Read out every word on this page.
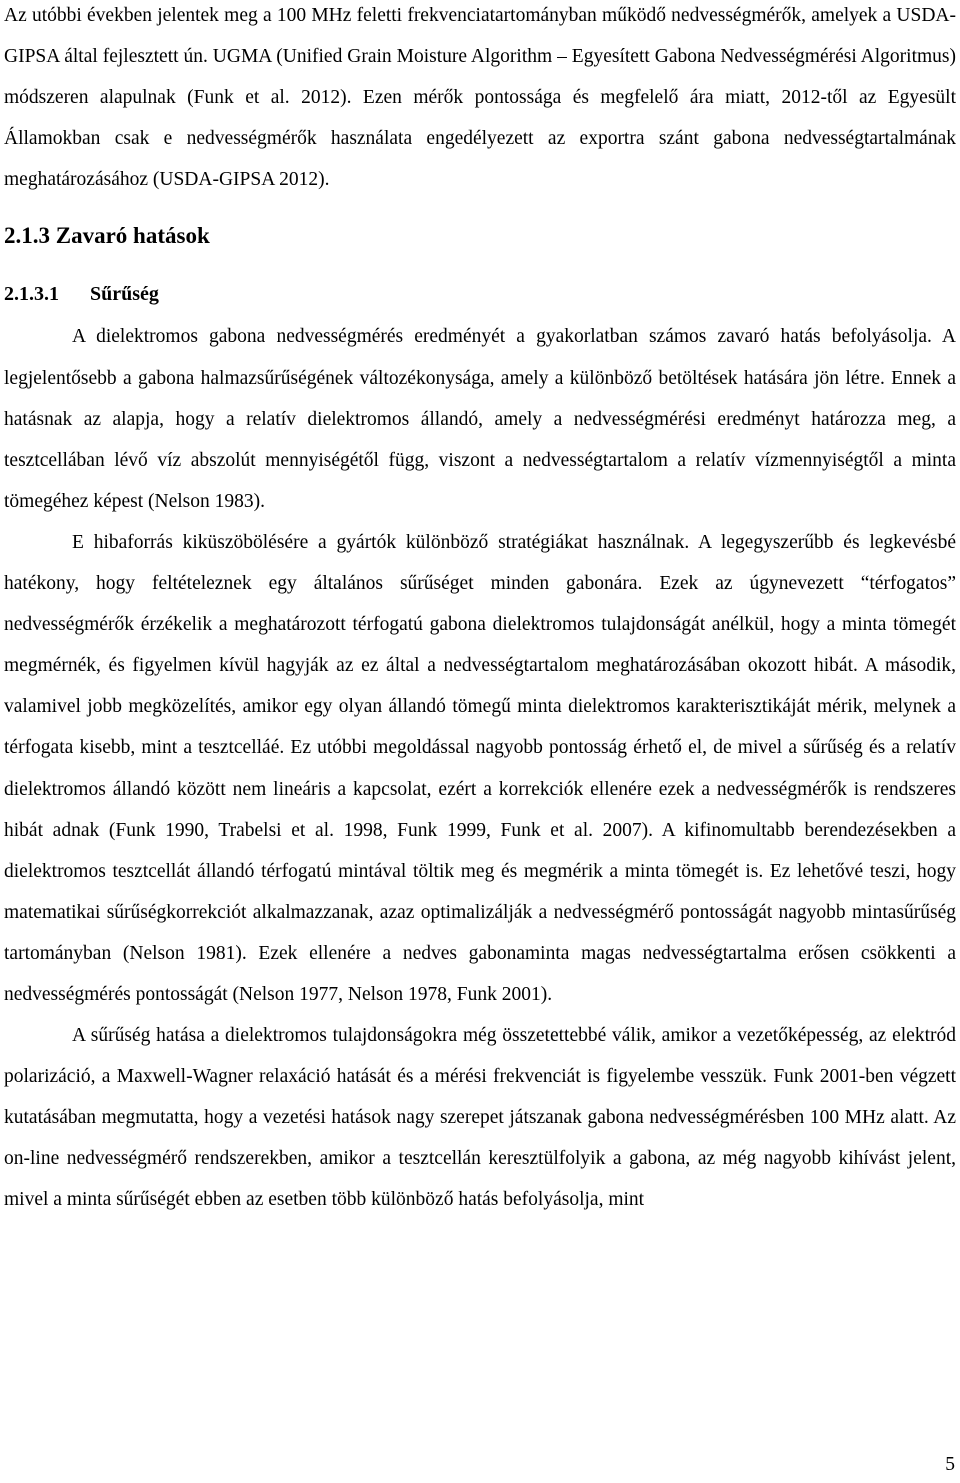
Az utóbbi években jelentek meg a 100 MHz feletti frekvenciatartományban működő nedvességmérők, amelyek a USDA-GIPSA által fejlesztett ún. UGMA (Unified Grain Moisture Algorithm – Egyesített Gabona Nedvességmérési Algoritmus) módszeren alapulnak (Funk et al. 2012). Ezen mérők pontossága és megfelelő ára miatt, 2012-től az Egyesült Államokban csak e nedvességmérők használata engedélyezett az exportra szánt gabona nedvességtartalmának meghatározásához (USDA-GIPSA 2012).

2.1.3 Zavaró hatások
2.1.3.1 Sűrűség

A dielektromos gabona nedvességmérés eredményét a gyakorlatban számos zavaró hatás befolyásolja. A legjelentősebb a gabona halmazsűrűségének változékonysága, amely a különböző betöltések hatására jön létre. Ennek a hatásnak az alapja, hogy a relatív dielektromos állandó, amely a nedvességmérési eredményt határozza meg, a tesztcellában lévő víz abszolút mennyiségétől függ, viszont a nedvességtartalom a relatív vízmennyiségtől a minta tömegéhez képest (Nelson 1983).

E hibaforrás kiküszöbölésére a gyártók különböző stratégiákat használnak. A legegyszerűbb és legkevésbé hatékony, hogy feltételeznek egy általános sűrűséget minden gabonára. Ezek az úgynevezett “térfogatos” nedvességmérők érzékelik a meghatározott térfogatú gabona dielektromos tulajdonságát anélkül, hogy a minta tömegét megmérnék, és figyelmen kívül hagyják az ez által a nedvességtartalom meghatározásában okozott hibát. A második, valamivel jobb megközelítés, amikor egy olyan állandó tömegű minta dielektromos karakterisztikáját mérik, melynek a térfogata kisebb, mint a tesztcelláé. Ez utóbbi megoldással nagyobb pontosság érhető el, de mivel a sűrűség és a relatív dielektromos állandó között nem lineáris a kapcsolat, ezért a korrekciók ellenére ezek a nedvességmérők is rendszeres hibát adnak (Funk 1990, Trabelsi et al. 1998, Funk 1999, Funk et al. 2007). A kifinomultabb berendezésekben a dielektromos tesztcellát állandó térfogatú mintával töltik meg és megmérik a minta tömegét is. Ez lehetővé teszi, hogy matematikai sűrűségkorrekciót alkalmazzanak, azaz optimalizálják a nedvességmérő pontosságát nagyobb mintasűrűség tartományban (Nelson 1981). Ezek ellenére a nedves gabonaminta magas nedvességtartalma erősen csökkenti a nedvességmérés pontosságát (Nelson 1977, Nelson 1978, Funk 2001).

A sűrűség hatása a dielektromos tulajdonságokra még összetettebbé válik, amikor a vezetőképesség, az elektród polarizáció, a Maxwell-Wagner relaxáció hatását és a mérési frekvenciát is figyelembe vesszük. Funk 2001-ben végzett kutatásában megmutatta, hogy a vezetési hatások nagy szerepet játszanak gabona nedvességmérésben 100 MHz alatt. Az on-line nedvességmérő rendszerekben, amikor a tesztcellán keresztülfolyik a gabona, az még nagyobb kihívást jelent, mivel a minta sűrűségét ebben az esetben több különböző hatás befolyásolja, mint

5
